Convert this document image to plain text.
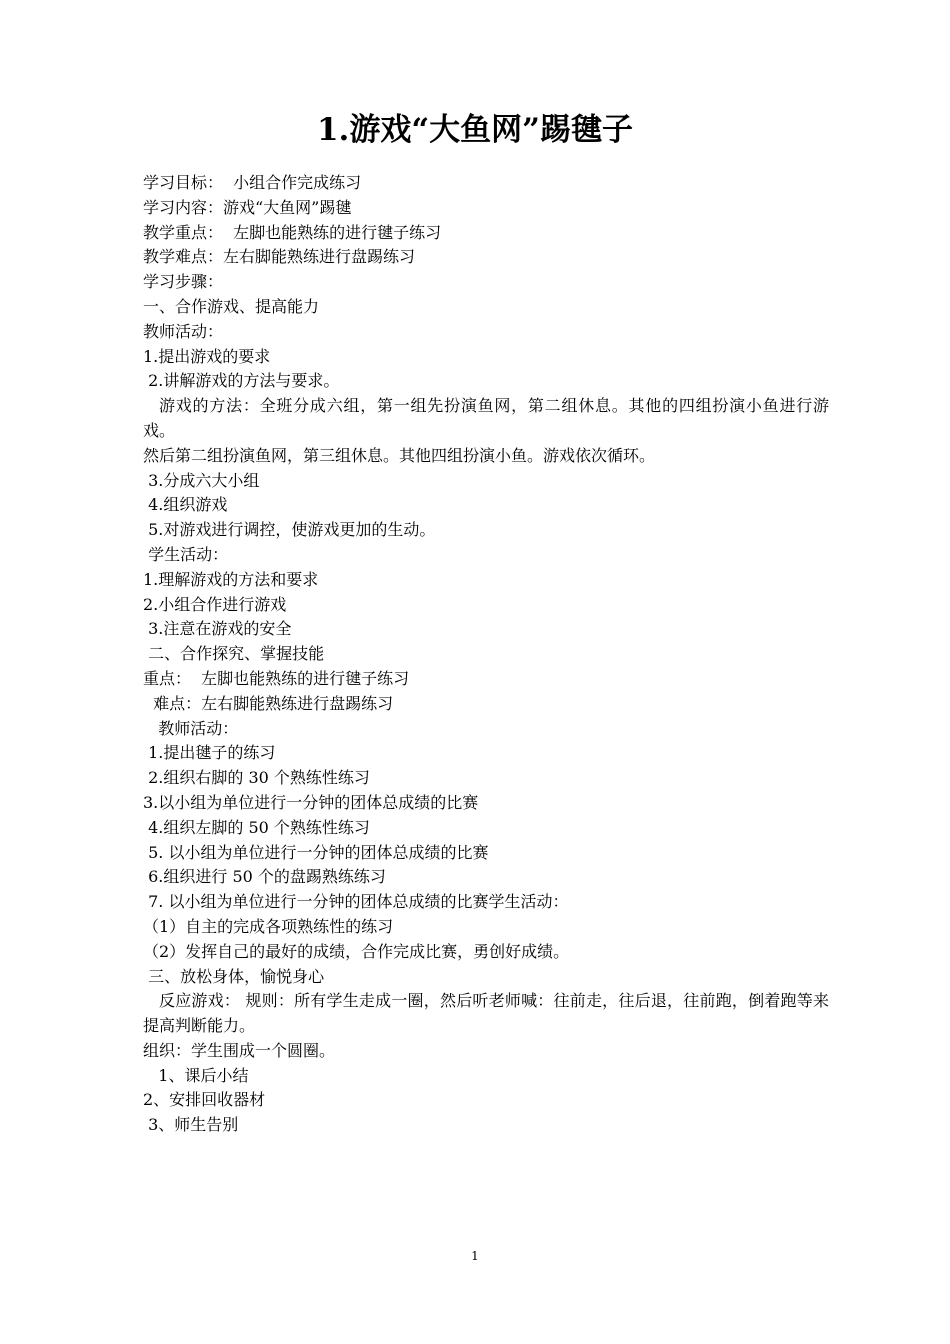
1.游戏“大鱼网”踢毽子
学习目标：  小组合作完成练习
学习内容：游戏“大鱼网”踢毽
教学重点：  左脚也能熟练的进行毽子练习
教学难点：左右脚能熟练进行盘踢练习
学习步骤：
一、合作游戏、提高能力
教师活动：
1.提出游戏的要求
2.讲解游戏的方法与要求。
游戏的方法：全班分成六组，第一组先扮演鱼网，第二组休息。其他的四组扮演小鱼进行游戏。
然后第二组扮演鱼网，第三组休息。其他四组扮演小鱼。游戏依次循环。
3.分成六大小组
4.组织游戏
5.对游戏进行调控，使游戏更加的生动。
学生活动：
1.理解游戏的方法和要求
2.小组合作进行游戏
3.注意在游戏的安全
二、合作探究、掌握技能
重点：  左脚也能熟练的进行毽子练习
难点：左右脚能熟练进行盘踢练习
教师活动：
1.提出毽子的练习
2.组织右脚的 30 个熟练性练习
3.以小组为单位进行一分钟的团体总成绩的比赛
4.组织左脚的 50 个熟练性练习
5. 以小组为单位进行一分钟的团体总成绩的比赛
6.组织进行 50 个的盘踢熟练练习
7. 以小组为单位进行一分钟的团体总成绩的比赛学生活动：
（1）自主的完成各项熟练性的练习
（2）发挥自己的最好的成绩，合作完成比赛，勇创好成绩。
三、放松身体，愉悦身心
反应游戏： 规则：所有学生走成一圈，然后听老师喊：往前走，往后退，往前跑，倒着跑等来提高判断能力。
组织：学生围成一个圆圈。
1、课后小结
2、安排回收器材
3、师生告别
1
